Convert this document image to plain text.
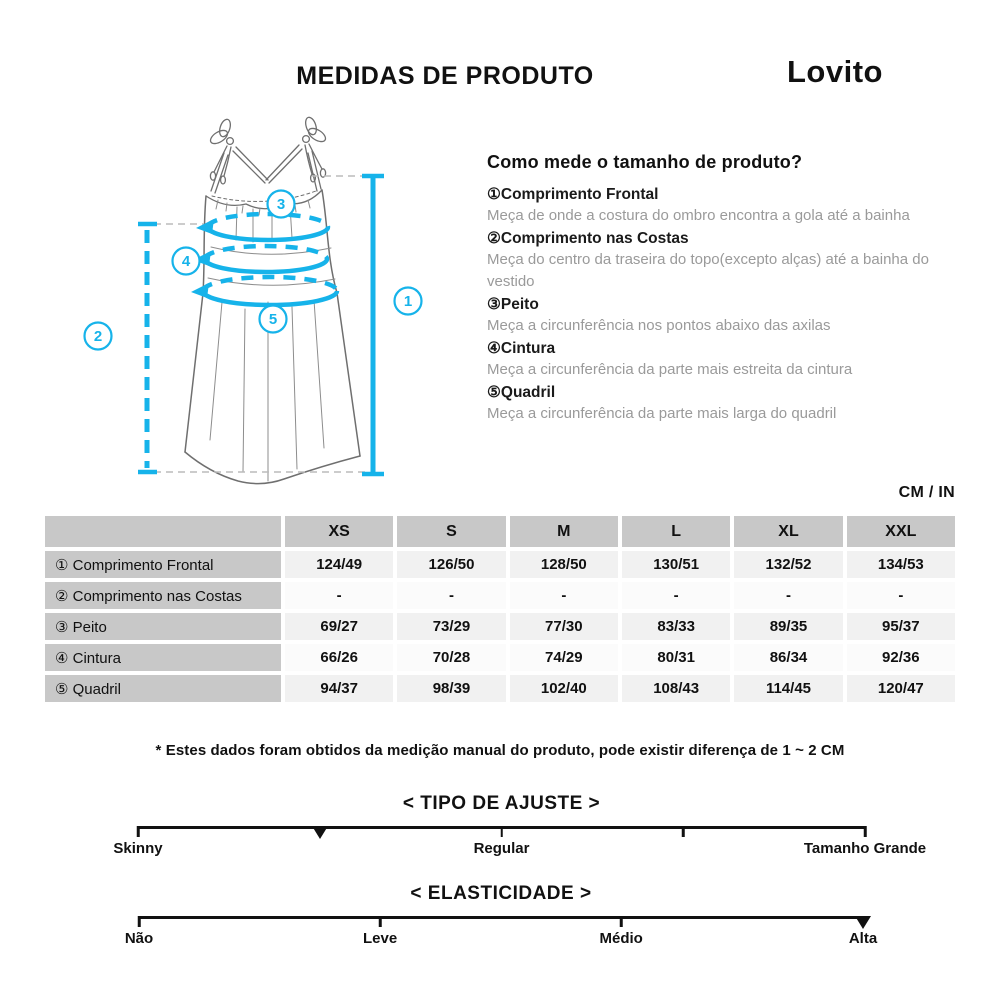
MEDIDAS DE PRODUTO	Lovito
1
2
3
4
5
Como mede o tamanho de produto?
①Comprimento Frontal
Meça de onde a costura do ombro encontra a gola até a bainha
②Comprimento nas Costas
Meça do centro da traseira do topo(excepto alças) até a bainha do vestido
③Peito
Meça a circunferência nos pontos abaixo das axilas
④Cintura
Meça a circunferência da parte mais estreita da cintura
⑤Quadril
Meça a circunferência da parte mais larga do quadril
CM / IN
XS	S	M	L	XL	XXL
① Comprimento Frontal	124/49	126/50	128/50	130/51	132/52	134/53
② Comprimento nas Costas	-	-	-	-	-	-
③ Peito	69/27	73/29	77/30	83/33	89/35	95/37
④ Cintura	66/26	70/28	74/29	80/31	86/34	92/36
⑤ Quadril	94/37	98/39	102/40	108/43	114/45	120/47
* Estes dados foram obtidos da medição manual do produto, pode existir diferença de 1 ~ 2 CM
< TIPO DE AJUSTE >
Skinny	Regular	Tamanho Grande
< ELASTICIDADE >
Não	Leve	Médio	Alta
